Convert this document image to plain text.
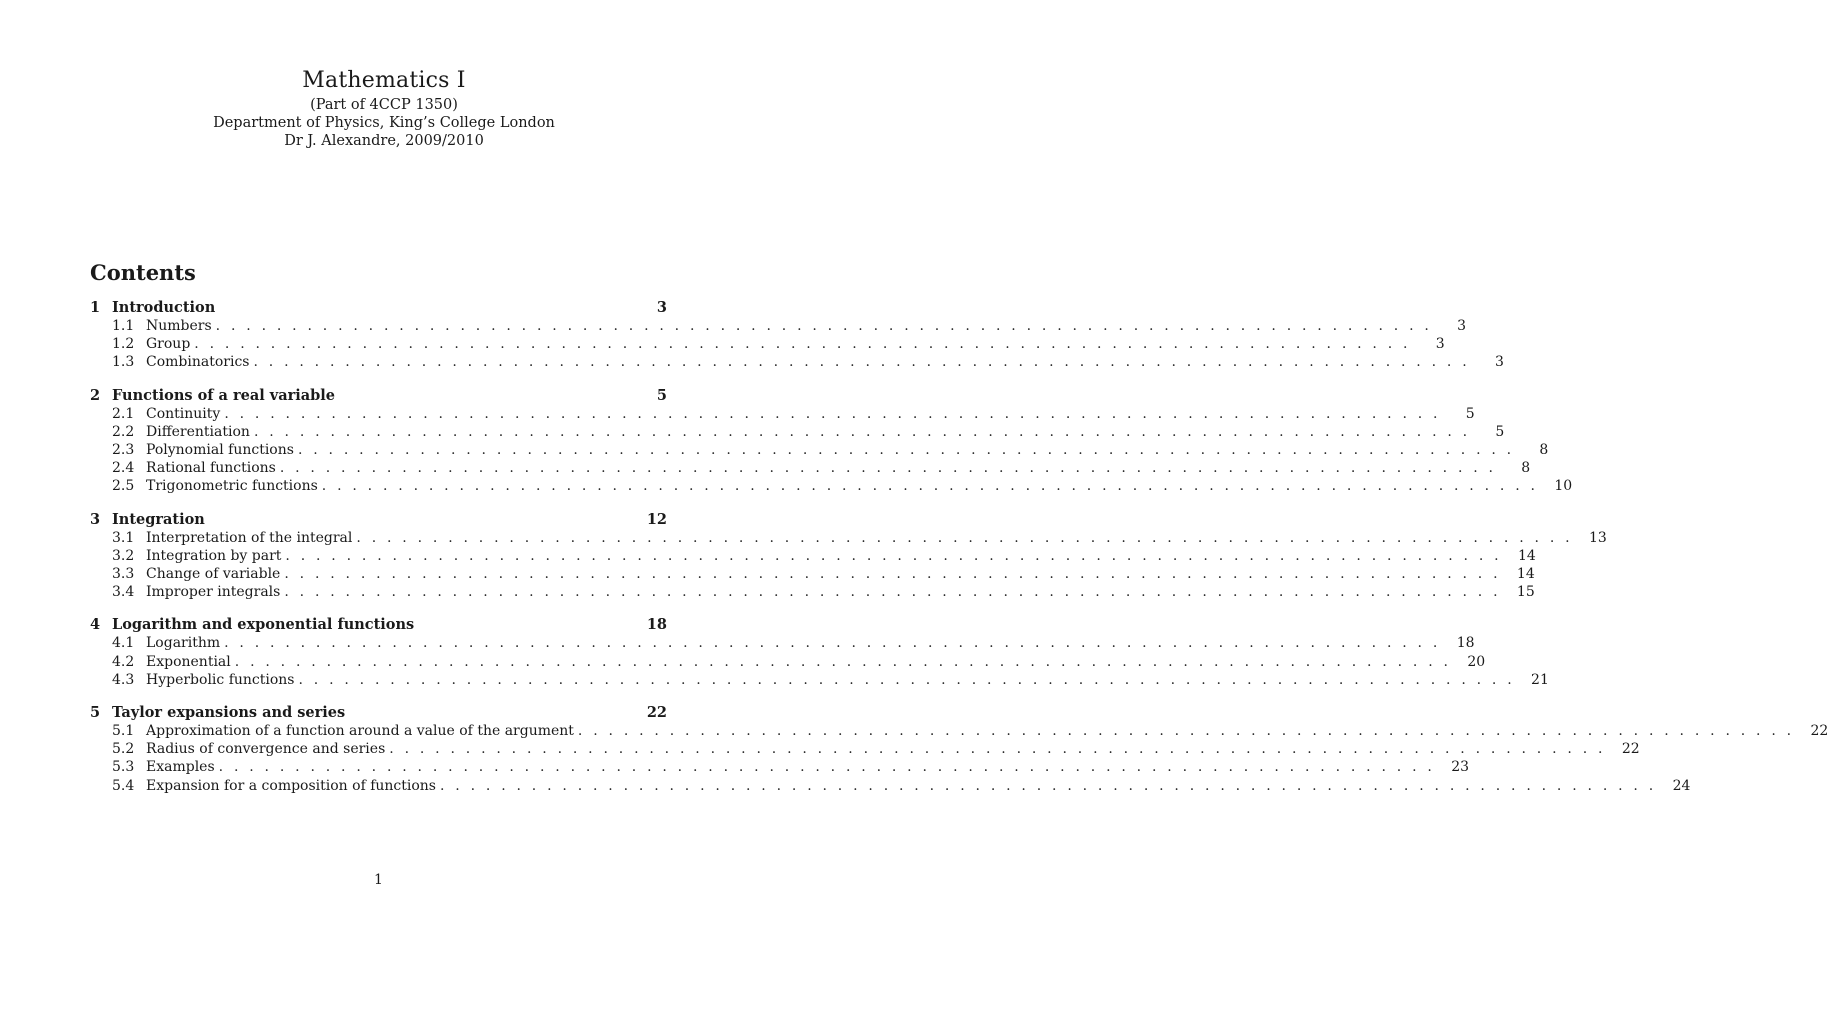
Mathematics I

(Part of 4CCP 1350)

Department of Physics, King’s College London

Dr J. Alexandre, 2009/2010

Contents
1 Introduction	3
1.1 Numbers . . . . . . . . . . . . . . . . . . . . . . . . . . . . . . . . . . . . . . . . . . . . . . . . . . . . . . . . . . . . . . . . . . . . . . . . . . . . . . . .	3
1.2 Group . . . . . . . . . . . . . . . . . . . . . . . . . . . . . . . . . . . . . . . . . . . . . . . . . . . . . . . . . . . . . . . . . . . . . . . . . . . . . . . .	3
1.3 Combinatorics . . . . . . . . . . . . . . . . . . . . . . . . . . . . . . . . . . . . . . . . . . . . . . . . . . . . . . . . . . . . . . . . . . . . . . . . . . . . . . . .	3
2 Functions of a real variable	5
2.1 Continuity . . . . . . . . . . . . . . . . . . . . . . . . . . . . . . . . . . . . . . . . . . . . . . . . . . . . . . . . . . . . . . . . . . . . . . . . . . . . . . . .	5
2.2 Differentiation . . . . . . . . . . . . . . . . . . . . . . . . . . . . . . . . . . . . . . . . . . . . . . . . . . . . . . . . . . . . . . . . . . . . . . . . . . . . . . . .	5
2.3 Polynomial functions . . . . . . . . . . . . . . . . . . . . . . . . . . . . . . . . . . . . . . . . . . . . . . . . . . . . . . . . . . . . . . . . . . . . . . . . . . . . . . . .	8
2.4 Rational functions . . . . . . . . . . . . . . . . . . . . . . . . . . . . . . . . . . . . . . . . . . . . . . . . . . . . . . . . . . . . . . . . . . . . . . . . . . . . . . . .	8
2.5 Trigonometric functions . . . . . . . . . . . . . . . . . . . . . . . . . . . . . . . . . . . . . . . . . . . . . . . . . . . . . . . . . . . . . . . . . . . . . . . . . . . . . . . . 10
3 Integration	12
3.1 Interpretation of the integral . . . . . . . . . . . . . . . . . . . . . . . . . . . . . . . . . . . . . . . . . . . . . . . . . . . . . . . . . . . . . . . . . . . . . . . . . . . . . . . . 13
3.2 Integration by part . . . . . . . . . . . . . . . . . . . . . . . . . . . . . . . . . . . . . . . . . . . . . . . . . . . . . . . . . . . . . . . . . . . . . . . . . . . . . . . . 14
3.3 Change of variable . . . . . . . . . . . . . . . . . . . . . . . . . . . . . . . . . . . . . . . . . . . . . . . . . . . . . . . . . . . . . . . . . . . . . . . . . . . . . . . . 14
3.4 Improper integrals . . . . . . . . . . . . . . . . . . . . . . . . . . . . . . . . . . . . . . . . . . . . . . . . . . . . . . . . . . . . . . . . . . . . . . . . . . . . . . . . 15
4 Logarithm and exponential functions	18
4.1 Logarithm . . . . . . . . . . . . . . . . . . . . . . . . . . . . . . . . . . . . . . . . . . . . . . . . . . . . . . . . . . . . . . . . . . . . . . . . . . . . . . . . 18
4.2 Exponential . . . . . . . . . . . . . . . . . . . . . . . . . . . . . . . . . . . . . . . . . . . . . . . . . . . . . . . . . . . . . . . . . . . . . . . . . . . . . . . . 20
4.3 Hyperbolic functions . . . . . . . . . . . . . . . . . . . . . . . . . . . . . . . . . . . . . . . . . . . . . . . . . . . . . . . . . . . . . . . . . . . . . . . . . . . . . . . . 21
5 Taylor expansions and series	22
5.1 Approximation of a function around a value of the argument . . . . . . . . . . . . . . . . . . . . . . . . . . . . . . . . . . . . . . . . . . . . . . . . . . . . . . . . . . . . . . . . . . . . . . . . . . . . . . . . 22
5.2 Radius of convergence and series . . . . . . . . . . . . . . . . . . . . . . . . . . . . . . . . . . . . . . . . . . . . . . . . . . . . . . . . . . . . . . . . . . . . . . . . . . . . . . . . 22
5.3 Examples . . . . . . . . . . . . . . . . . . . . . . . . . . . . . . . . . . . . . . . . . . . . . . . . . . . . . . . . . . . . . . . . . . . . . . . . . . . . . . . . 23
5.4 Expansion for a composition of functions . . . . . . . . . . . . . . . . . . . . . . . . . . . . . . . . . . . . . . . . . . . . . . . . . . . . . . . . . . . . . . . . . . . . . . . . . . . . . . . . 24
1
